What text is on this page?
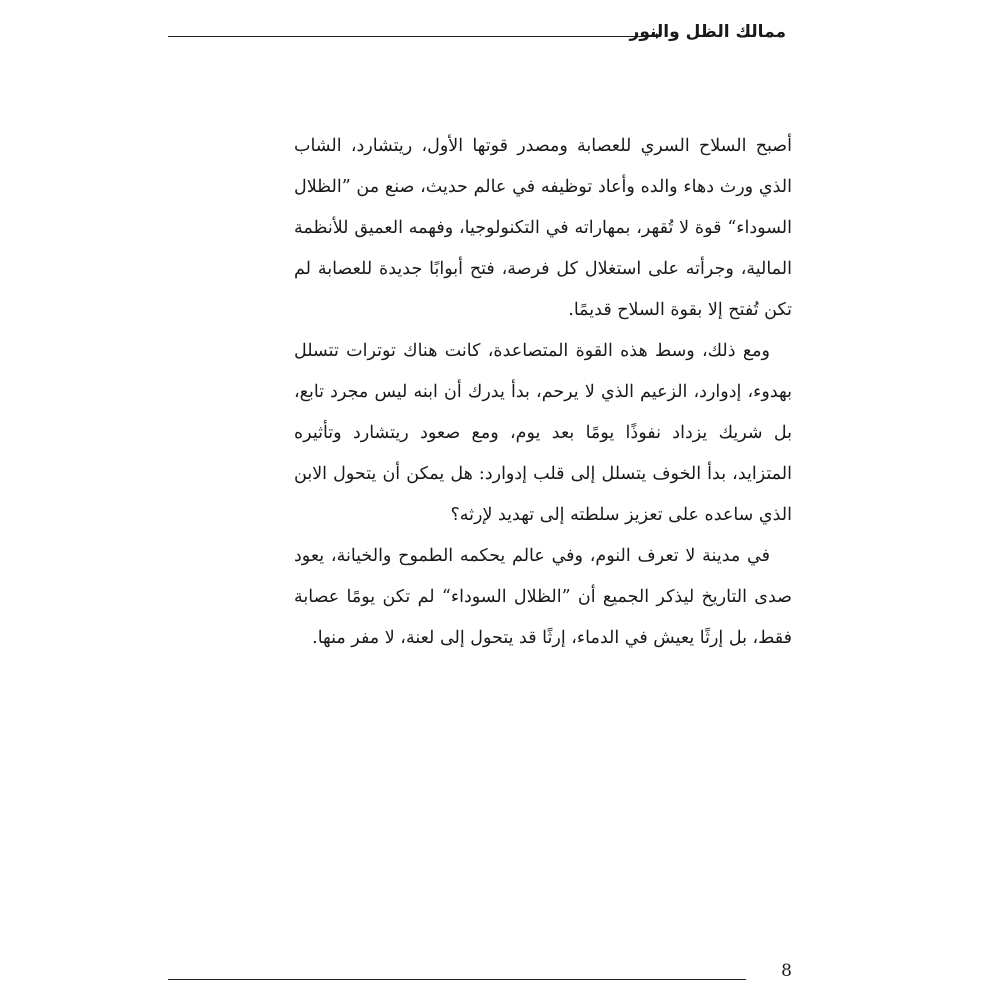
ممالك الظل والنور

أصبح السلاح السري للعصابة ومصدر قوتها الأول، ريتشارد، الشاب الذي ورث دهاء والده وأعاد توظيفه في عالم حديث، صنع من ”الظلال السوداء“ قوة لا تُقهر، بمهاراته في التكنولوجيا، وفهمه العميق للأنظمة المالية، وجرأته على استغلال كل فرصة، فتح أبوابًا جديدة للعصابة لم تكن تُفتح إلا بقوة السلاح قديمًا.

ومع ذلك، وسط هذه القوة المتصاعدة، كانت هناك توترات تتسلل بهدوء، إدوارد، الزعيم الذي لا يرحم، بدأ يدرك أن ابنه ليس مجرد تابع، بل شريك يزداد نفوذًا يومًا بعد يوم، ومع صعود ريتشارد وتأثيره المتزايد، بدأ الخوف يتسلل إلى قلب إدوارد: هل يمكن أن يتحول الابن الذي ساعده على تعزيز سلطته إلى تهديد لإرثه؟

في مدينة لا تعرف النوم، وفي عالم يحكمه الطموح والخيانة، يعود صدى التاريخ ليذكر الجميع أن ”الظلال السوداء“ لم تكن يومًا عصابة فقط، بل إرثًا يعيش في الدماء، إرثًا قد يتحول إلى لعنة، لا مفر منها.

8
